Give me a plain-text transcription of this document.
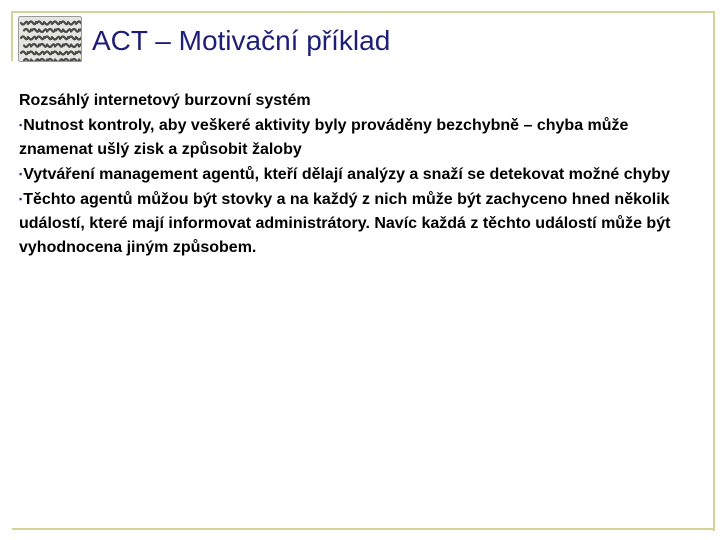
ACT – Motivační příklad

Rozsáhlý internetový burzovní systém

▪Nutnost kontroly, aby veškeré aktivity byly prováděny bezchybně – chyba může znamenat ušlý zisk a způsobit žaloby

▪Vytváření management agentů, kteří dělají analýzy a snaží se detekovat možné chyby

▪Těchto agentů můžou být stovky a na každý z nich může být zachyceno hned několik událostí, které mají informovat administrátory. Navíc každá z těchto událostí může být vyhodnocena jiným způsobem.
